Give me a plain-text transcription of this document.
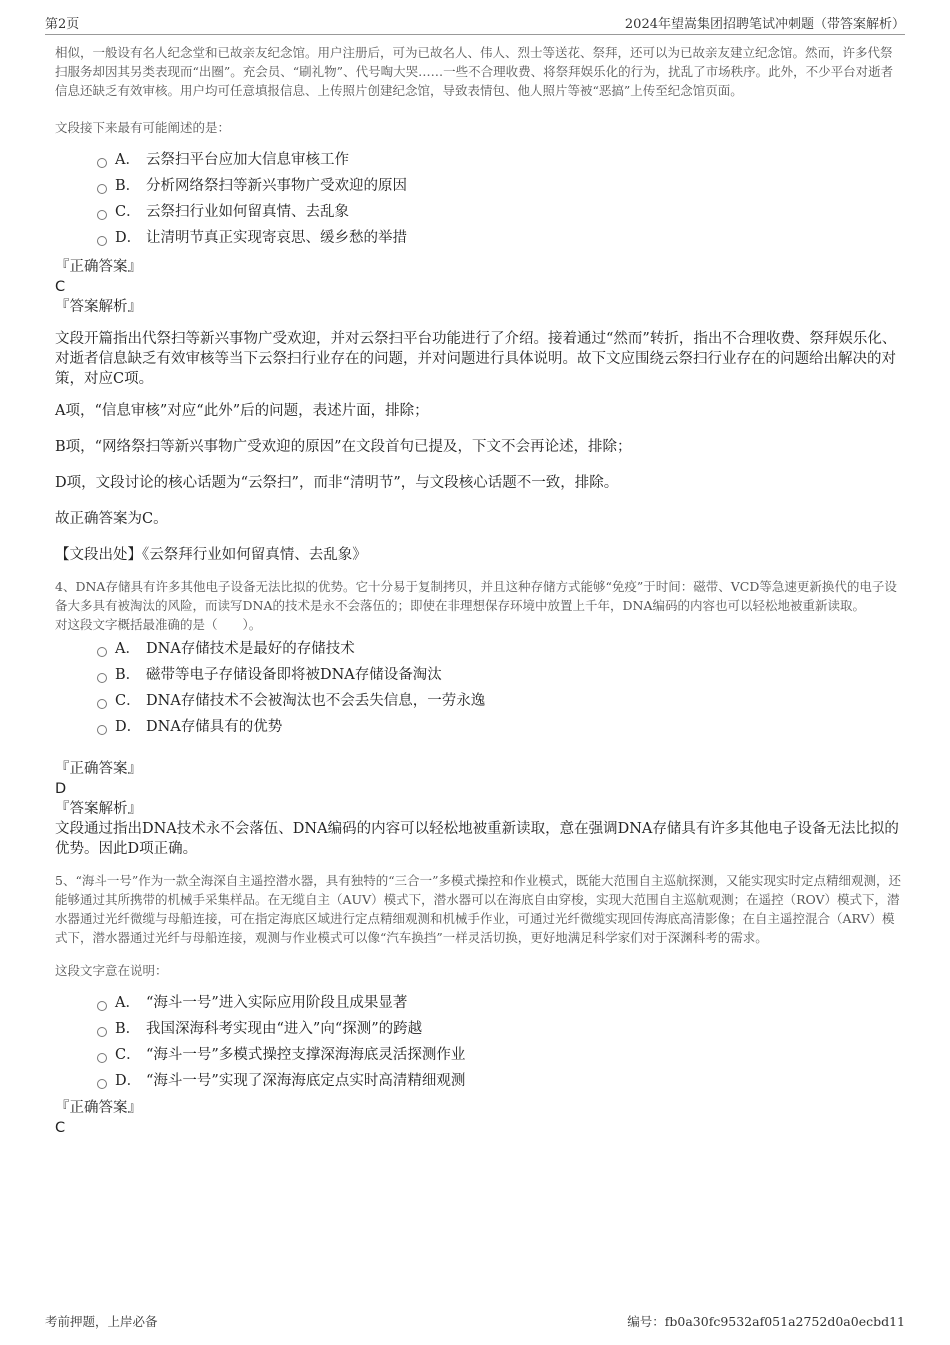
第2页	2024年望嵩集团招聘笔试冲刺题（带答案解析）

相似，一般设有名人纪念堂和已故亲友纪念馆。用户注册后，可为已故名人、伟人、烈士等送花、祭拜，还可以为已故亲友建立纪念馆。然而，许多代祭扫服务却因其另类表现而“出圈”。充会员、“刷礼物”、代号啕大哭……一些不合理收费、将祭拜娱乐化的行为，扰乱了市场秩序。此外，不少平台对逝者信息还缺乏有效审核。用户均可任意填报信息、上传照片创建纪念馆，导致表情包、他人照片等被“恶搞”上传至纪念馆页面。

文段接下来最有可能阐述的是：

A． 云祭扫平台应加大信息审核工作
B． 分析网络祭扫等新兴事物广受欢迎的原因
C． 云祭扫行业如何留真情、去乱象
D． 让清明节真正实现寄哀思、缓乡愁的举措

『正确答案』

C

『答案解析』

文段开篇指出代祭扫等新兴事物广受欢迎，并对云祭扫平台功能进行了介绍。接着通过“然而”转折，指出不合理收费、祭拜娱乐化、对逝者信息缺乏有效审核等当下云祭扫行业存在的问题，并对问题进行具体说明。故下文应围绕云祭扫行业存在的问题给出解决的对策，对应C项。

A项，“信息审核”对应“此外”后的问题，表述片面，排除；

B项，“网络祭扫等新兴事物广受欢迎的原因”在文段首句已提及，下文不会再论述，排除；

D项，文段讨论的核心话题为“云祭扫”，而非“清明节”，与文段核心话题不一致，排除。

故正确答案为C。

【文段出处】《云祭拜行业如何留真情、去乱象》

4、DNA存储具有许多其他电子设备无法比拟的优势。它十分易于复制拷贝，并且这种存储方式能够“免疫”于时间：磁带、VCD等急速更新换代的电子设备大多具有被淘汰的风险，而读写DNA的技术是永不会落伍的；即使在非理想保存环境中放置上千年，DNA编码的内容也可以轻松地被重新读取。

对这段文字概括最准确的是（　　）。

A． DNA存储技术是最好的存储技术
B． 磁带等电子存储设备即将被DNA存储设备淘汰
C． DNA存储技术不会被淘汰也不会丢失信息，一劳永逸
D． DNA存储具有的优势

『正确答案』

D

『答案解析』

文段通过指出DNA技术永不会落伍、DNA编码的内容可以轻松地被重新读取，意在强调DNA存储具有许多其他电子设备无法比拟的优势。因此D项正确。

5、“海斗一号”作为一款全海深自主遥控潜水器，具有独特的“三合一”多模式操控和作业模式，既能大范围自主巡航探测，又能实现实时定点精细观测，还能够通过其所携带的机械手采集样品。在无缆自主（AUV）模式下，潜水器可以在海底自由穿梭，实现大范围自主巡航观测；在遥控（ROV）模式下，潜水器通过光纤微缆与母船连接，可在指定海底区域进行定点精细观测和机械手作业，可通过光纤微缆实现回传海底高清影像；在自主遥控混合（ARV）模式下，潜水器通过光纤与母船连接，观测与作业模式可以像“汽车换挡”一样灵活切换，更好地满足科学家们对于深渊科考的需求。

这段文字意在说明：

A． “海斗一号”进入实际应用阶段且成果显著
B． 我国深海科考实现由“进入”向“探测”的跨越
C． “海斗一号”多模式操控支撑深海海底灵活探测作业
D． “海斗一号”实现了深海海底定点实时高清精细观测

『正确答案』

C

考前押题，上岸必备	编号：fb0a30fc9532af051a2752d0a0ecbd11
